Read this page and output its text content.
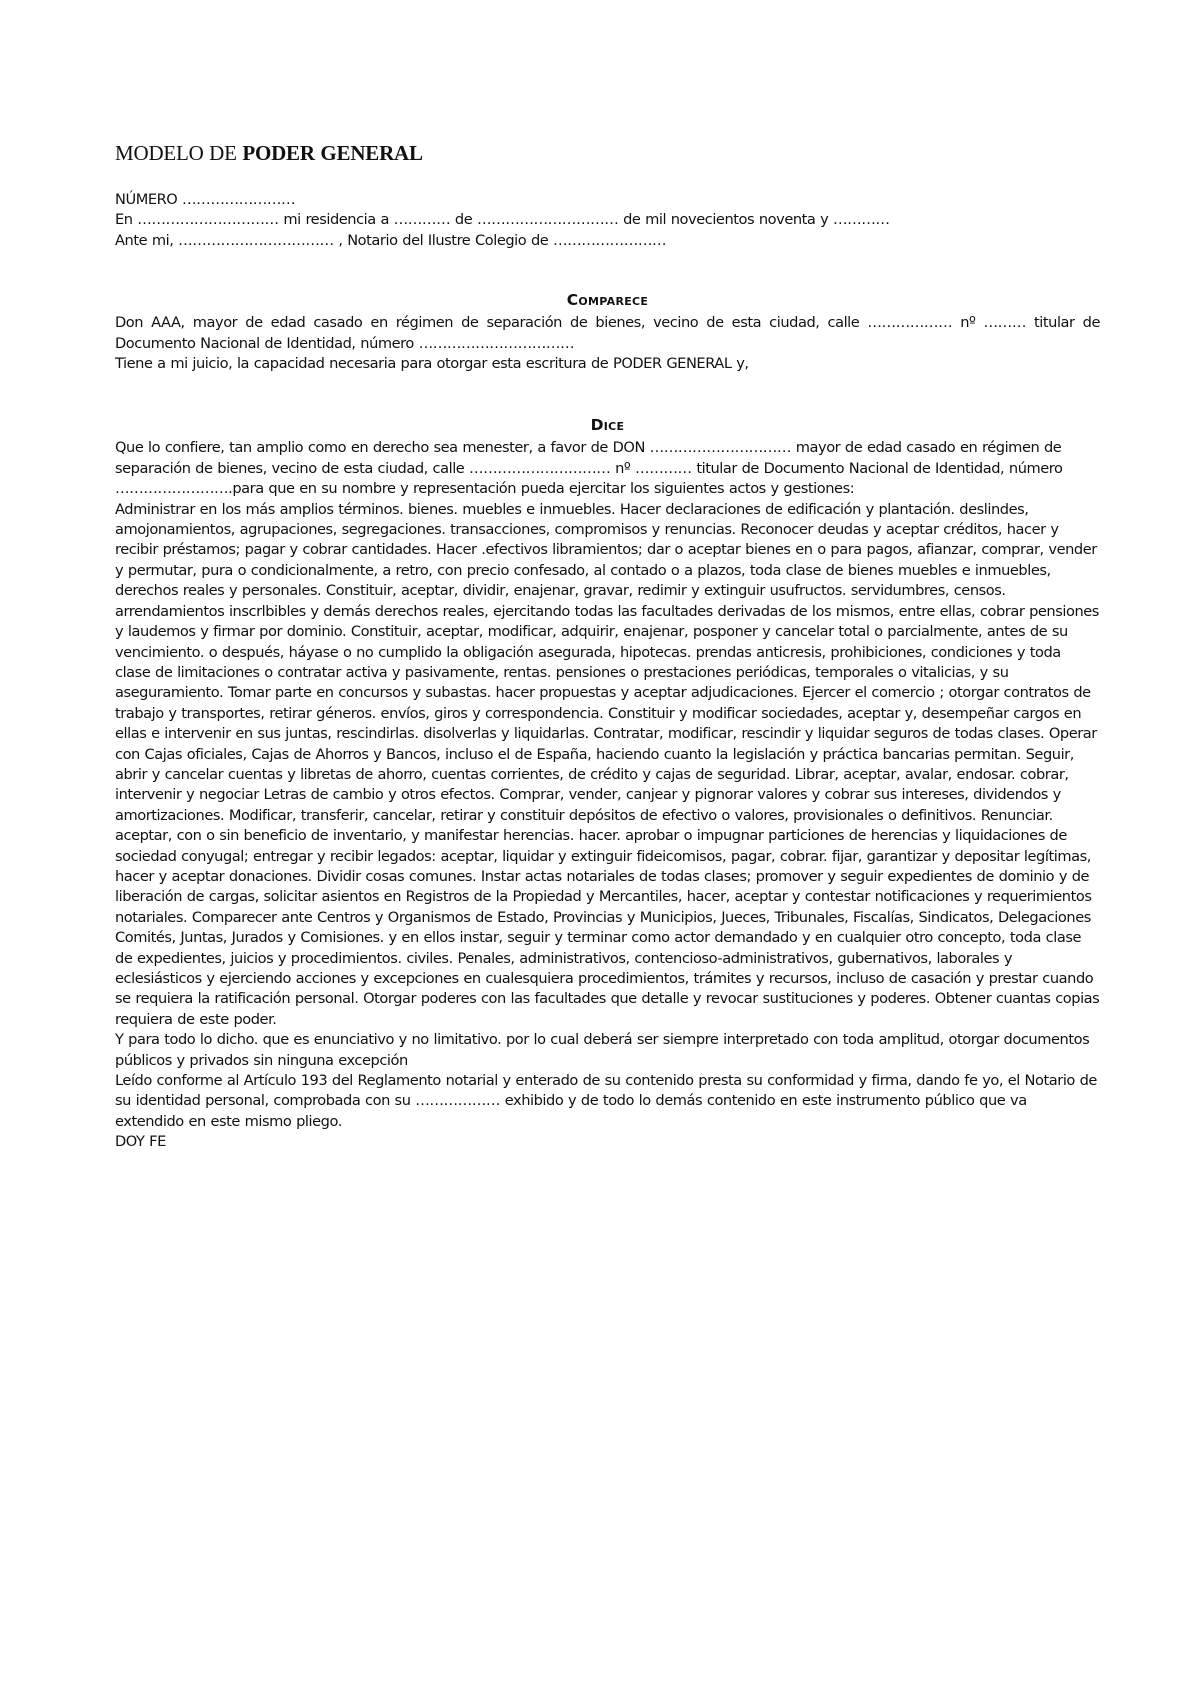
MODELO DE PODER GENERAL
NÚMERO ……………………
En ………………………… mi residencia a ………… de ………………………… de mil novecientos noventa y …………
Ante mi, …………………………… , Notario del Ilustre Colegio de ……………………
Comparece
Don AAA, mayor de edad casado en régimen de separación de bienes, vecino de esta ciudad, calle ……………… nº ……… titular de Documento Nacional de Identidad, número ……………………………
Tiene a mi juicio, la capacidad necesaria para otorgar esta escritura de PODER GENERAL y,
Dice
Que lo confiere, tan amplio como en derecho sea menester, a favor de DON ………………………… mayor de edad casado en régimen de separación de bienes, vecino de esta ciudad, calle ………………………… nº ………… titular de Documento Nacional de Identidad, número …………………….para que en su nombre y representación pueda ejercitar los siguientes actos y gestiones:
Administrar en los más amplios términos. bienes. muebles e inmuebles. Hacer declaraciones de edificación y plantación. deslindes, amojonamientos, agrupaciones, segregaciones. transacciones, compromisos y renuncias. Reconocer deudas y aceptar créditos, hacer y recibir préstamos; pagar y cobrar cantidades. Hacer .efectivos libramientos; dar o aceptar bienes en o para pagos, afianzar, comprar, vender y permutar, pura o condicionalmente, a retro, con precio confesado, al contado o a plazos, toda clase de bienes muebles e inmuebles, derechos reales y personales. Constituir, aceptar, dividir, enajenar, gravar, redimir y extinguir usufructos. servidumbres, censos. arrendamientos inscrlbibles y demás derechos reales, ejercitando todas las facultades derivadas de los mismos, entre ellas, cobrar pensiones y laudemos y firmar por dominio. Constituir, aceptar, modificar, adquirir, enajenar, posponer y cancelar total o parcialmente, antes de su vencimiento. o después, háyase o no cumplido la obligación asegurada, hipotecas. prendas anticresis, prohibiciones, condiciones y toda clase de limitaciones o contratar activa y pasivamente, rentas. pensiones o prestaciones periódicas, temporales o vitalicias, y su aseguramiento. Tomar parte en concursos y subastas. hacer propuestas y aceptar adjudicaciones. Ejercer el comercio ; otorgar contratos de trabajo y transportes, retirar géneros. envíos, giros y correspondencia. Constituir y modificar sociedades, aceptar y, desempeñar cargos en ellas e intervenir en sus juntas, rescindirlas. disolverlas y liquidarlas. Contratar, modificar, rescindir y liquidar seguros de todas clases. Operar con Cajas oficiales, Cajas de Ahorros y Bancos, incluso el de España, haciendo cuanto la legislación y práctica bancarias permitan. Seguir, abrir y cancelar cuentas y libretas de ahorro, cuentas corrientes, de crédito y cajas de seguridad. Librar, aceptar, avalar, endosar. cobrar, intervenir y negociar Letras de cambio y otros efectos. Comprar, vender, canjear y pignorar valores y cobrar sus intereses, dividendos y amortizaciones. Modificar, transferir, cancelar, retirar y constituir depósitos de efectivo o valores, provisionales o definitivos. Renunciar. aceptar, con o sin beneficio de inventario, y manifestar herencias. hacer. aprobar o impugnar particiones de herencias y liquidaciones de sociedad conyugal; entregar y recibir legados: aceptar, liquidar y extinguir fideicomisos, pagar, cobrar. fijar, garantizar y depositar legítimas, hacer y aceptar donaciones. Dividir cosas comunes. Instar actas notariales de todas clases; promover y seguir expedientes de dominio y de liberación de cargas, solicitar asientos en Registros de la Propiedad y Mercantiles, hacer, aceptar y contestar notificaciones y requerimientos notariales. Comparecer ante Centros y Organismos de Estado, Provincias y Municipios, Jueces, Tribunales, Fiscalías, Sindicatos, Delegaciones Comités, Juntas, Jurados y Comisiones. y en ellos instar, seguir y terminar como actor demandado y en cualquier otro concepto, toda clase de expedientes, juicios y procedimientos. civiles. Penales, administrativos, contencioso-administrativos, gubernativos, laborales y eclesiásticos y ejerciendo acciones y excepciones en cualesquiera procedimientos, trámites y recursos, incluso de casación y prestar cuando se requiera la ratificación personal. Otorgar poderes con las facultades que detalle y revocar sustituciones y poderes. Obtener cuantas copias requiera de este poder.
Y para todo lo dicho. que es enunciativo y no limitativo. por lo cual deberá ser siempre interpretado con toda amplitud, otorgar documentos públicos y privados sin ninguna excepción
Leído conforme al Artículo 193 del Reglamento notarial y enterado de su contenido presta su conformidad y firma, dando fe yo, el Notario de su identidad personal, comprobada con su ……………… exhibido y de todo lo demás contenido en este instrumento público que va extendido en este mismo pliego.
DOY FE
